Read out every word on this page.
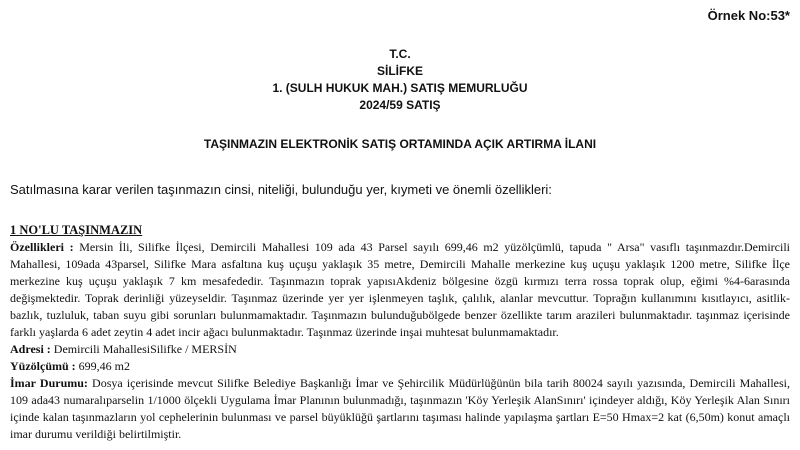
Örnek No:53*
T.C.
SİLİFKE
1. (SULH HUKUK MAH.) SATIŞ MEMURLUĞU
2024/59 SATIŞ
TAŞINMAZIN ELEKTRONİK SATIŞ ORTAMINDA AÇIK ARTIRMA İLANI
Satılmasına karar verilen taşınmazın cinsi, niteliği, bulunduğu yer, kıymeti ve önemli özellikleri:
1 NO'LU TAŞINMAZIN

Özellikleri : Mersin İli, Silifke İlçesi, Demircili Mahallesi 109 ada 43 Parsel sayılı 699,46 m2 yüzölçümlü, tapuda " Arsa" vasıflı taşınmazdır.Demircili Mahallesi, 109ada 43parsel, Silifke Mara asfaltına kuş uçuşu yaklaşık 35 metre, Demircili Mahalle merkezine kuş uçuşu yaklaşık 1200 metre, Silifke İlçe merkezine kuş uçuşu yaklaşık 7 km mesafededir. Taşınmazın toprak yapısıAkdeniz bölgesine özgü kırmızı terra rossa toprak olup, eğimi %4-6arasında değişmektedir. Toprak derinliği yüzeyseldir. Taşınmaz üzerinde yer yer işlenmeyen taşlık, çalılık, alanlar mevcuttur. Toprağın kullanımını kısıtlayıcı, asitlik- bazlık, tuzluluk, taban suyu gibi sorunları bulunmamaktadır. Taşınmazın bulunduğubölgede benzer özellikte tarım arazileri bulunmaktadır. taşınmaz içerisinde farklı yaşlarda 6 adet zeytin 4 adet incir ağacı bulunmaktadır. Taşınmaz üzerinde inşai muhtesat bulunmamaktadır.

Adresi : Demircili MahallesiSilifke / MERSİN

Yüzölçümü : 699,46 m2

İmar Durumu: Dosya içerisinde mevcut Silifke Belediye Başkanlığı İmar ve Şehircilik Müdürlüğünün bila tarih 80024 sayılı yazısında, Demircili Mahallesi, 109 ada43 numaralıparselin 1/1000 ölçekli Uygulama İmar Planının bulunmadığı, taşınmazın 'Köy Yerleşik AlanSınırı' içindeyer aldığı, Köy Yerleşik Alan Sınırı içinde kalan taşınmazların yol cephelerinin bulunması ve parsel büyüklüğü şartlarını taşıması halinde yapılaşma şartları E=50 Hmax=2 kat (6,50m) konut amaçlı imar durumu verildiği belirtilmiştir.
